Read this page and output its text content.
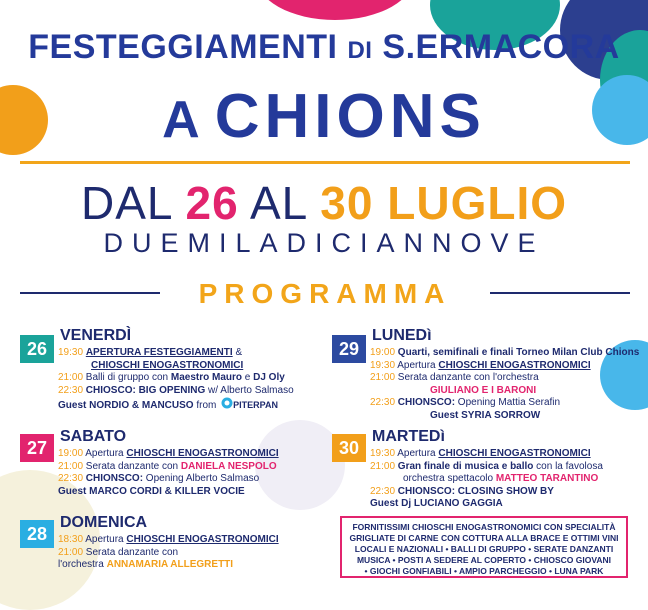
FESTEGGIAMENTI DI S.ERMACORA
A CHIONS
DAL 26 AL 30 LUGLIO
DUEMILADICIANNOVE
PROGRAMMA
26
VENERDÌ
19:30 APERTURA FESTEGGIAMENTI &
CHIOSCHI ENOGASTRONOMICI
21:00 Balli di gruppo con Maestro Mauro e DJ Oly
22:30 CHIOSCO: BIG OPENING w/ Alberto Salmaso
Guest NORDIO & MANCUSO from PITERPAN
27
SABATO
19:00 Apertura CHIOSCHI ENOGASTRONOMICI
21:00 Serata danzante con DANIELA NESPOLO
22:30 CHIONSCO: Opening Alberto Salmaso
Guest MARCO CORDI & KILLER VOCIE
28
DOMENICA
18:30 Apertura CHIOSCHI ENOGASTRONOMICI
21:00 Serata danzante con
l'orchestra ANNAMARIA ALLEGRETTI
29
LUNEDì
19:00 Quarti, semifinali e finali Torneo Milan Club Chions
19:30 Apertura CHIOSCHI ENOGASTRONOMICI
21:00 Serata danzante con l'orchestra
GIULIANO E I BARONI
22:30 CHIONSCO: Opening Mattia Serafin
Guest SYRIA SORROW
30
MARTEDì
19:30 Apertura CHIOSCHI ENOGASTRONOMICI
21:00 Gran finale di musica e ballo con la favolosa
orchestra spettacolo MATTEO TARANTINO
22:30 CHIONSCO: CLOSING SHOW BY
Guest Dj LUCIANO GAGGIA
FORNITISSIMI CHIOSCHI ENOGASTRONOMICI CON SPECIALITÀ
GRIGLIATE DI CARNE CON COTTURA ALLA BRACE E OTTIMI VINI
LOCALI E NAZIONALI • BALLI DI GRUPPO • SERATE DANZANTI
MUSICA • POSTI A SEDERE AL COPERTO • CHIOSCO GIOVANI
• GIOCHI GONFIABILI • AMPIO PARCHEGGIO • LUNA PARK
